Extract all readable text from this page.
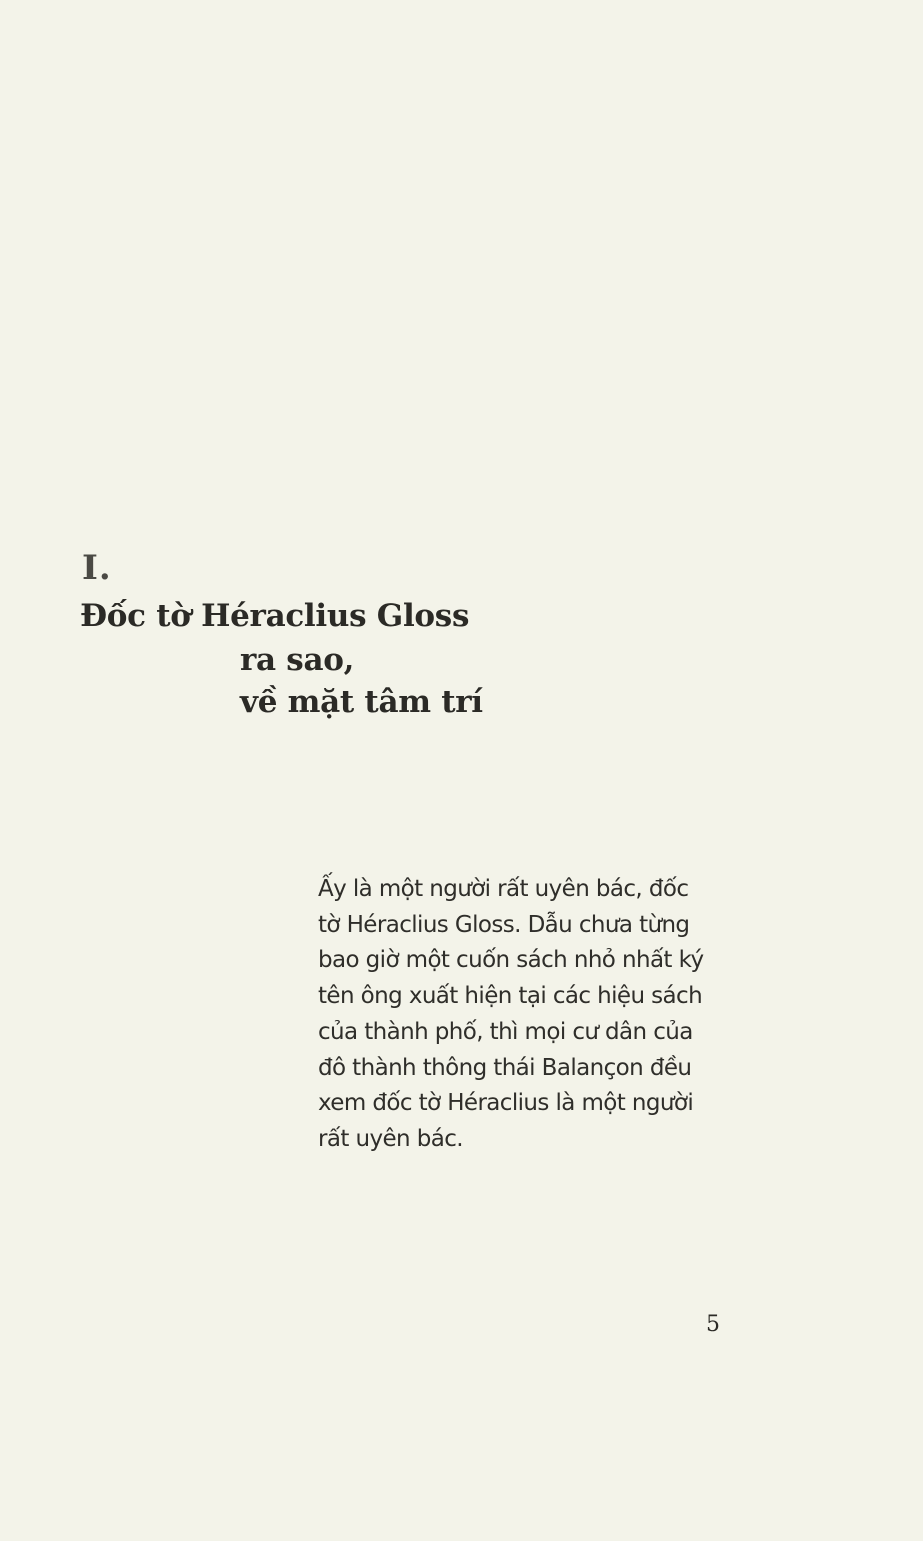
I.
Đốc tờ Héraclius Gloss
ra sao,
về mặt tâm trí
Ấy là một người rất uyên bác, đốc
tờ Héraclius Gloss. Dẫu chưa từng
bao giờ một cuốn sách nhỏ nhất ký
tên ông xuất hiện tại các hiệu sách
của thành phố, thì mọi cư dân của
đô thành thông thái Balançon đều
xem đốc tờ Héraclius là một người
rất uyên bác.
5
